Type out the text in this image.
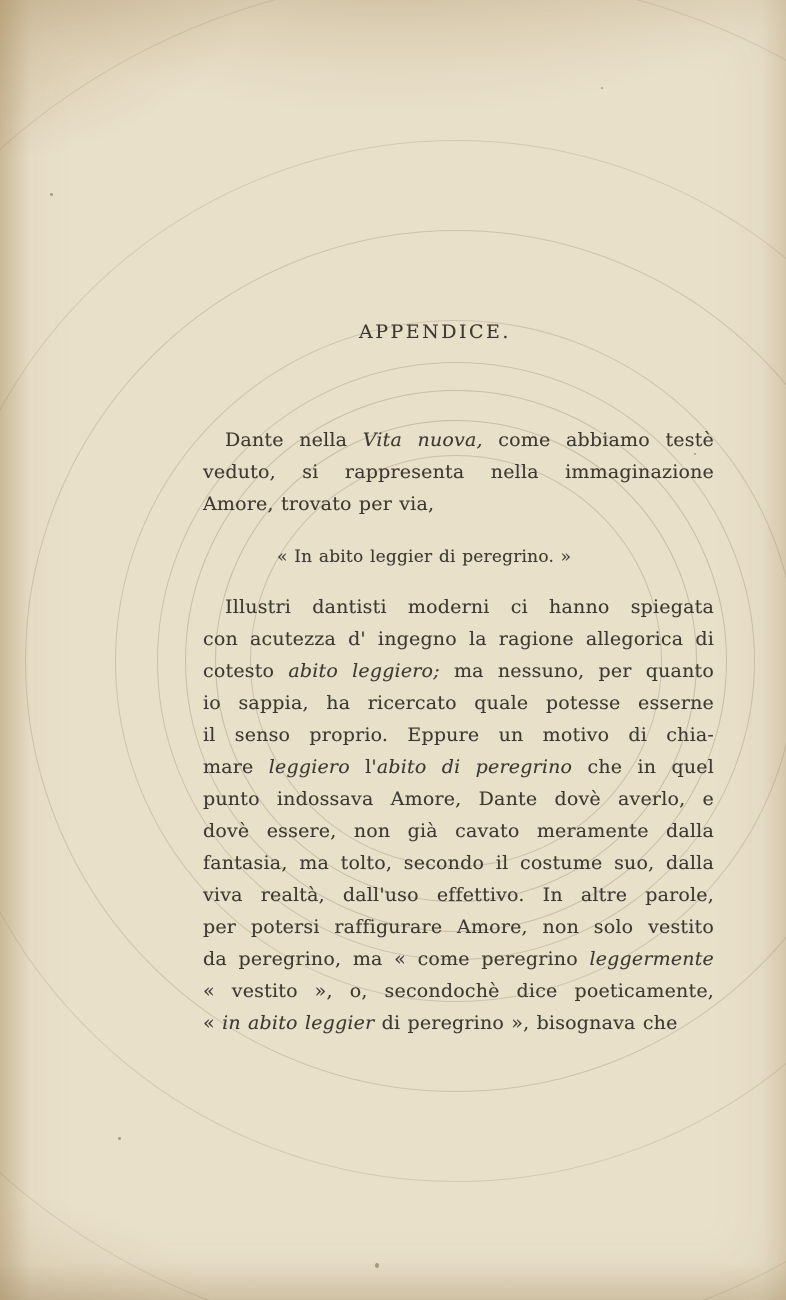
APPENDICE.
Dante nella Vita nuova, come abbiamo testè
veduto, si rappresenta nella immaginazione
Amore, trovato per via,
« In abito leggier di peregrino. »
Illustri dantisti moderni ci hanno spiegata
con acutezza d' ingegno la ragione allegorica di
cotesto abito leggiero; ma nessuno, per quanto
io sappia, ha ricercato quale potesse esserne
il senso proprio. Eppure un motivo di chia-
mare leggiero l'abito di peregrino che in quel
punto indossava Amore, Dante dovè averlo, e
dovè essere, non già cavato meramente dalla
fantasia, ma tolto, secondo il costume suo, dalla
viva realtà, dall'uso effettivo. In altre parole,
per potersi raffigurare Amore, non solo vestito
da peregrino, ma « come peregrino leggermente
« vestito », o, secondochè dice poeticamente,
« in abito leggier di peregrino », bisognava che
